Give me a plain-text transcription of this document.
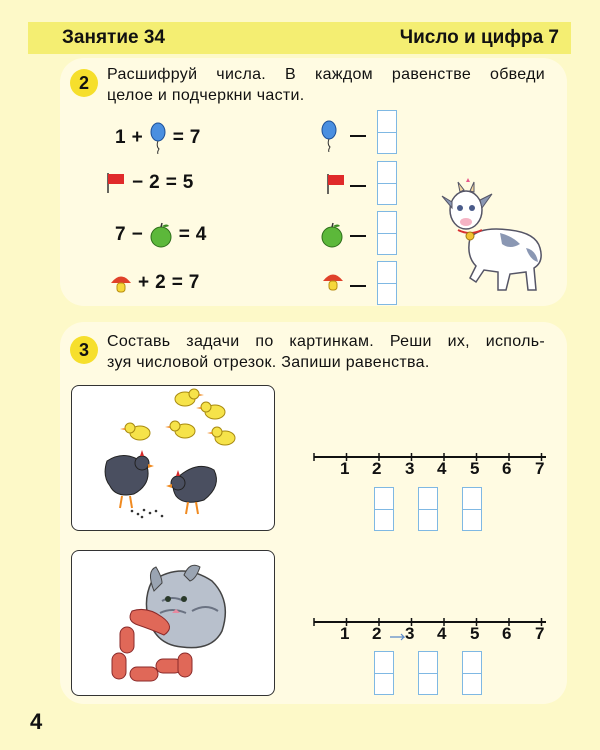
Занятие 34	Число и цифра 7
2	Расшифруй числа. В каждом равенстве обведи
целое и подчеркни части.
1 + = 7
− 2 = 5
7 − = 4
+ 2 = 7
3	Составь задачи по картинкам. Реши их, исполь-
зуя числовой отрезок. Запиши равенства.
1 2 3 4 5 6 7
1 2 3 4 5 6 7
4
